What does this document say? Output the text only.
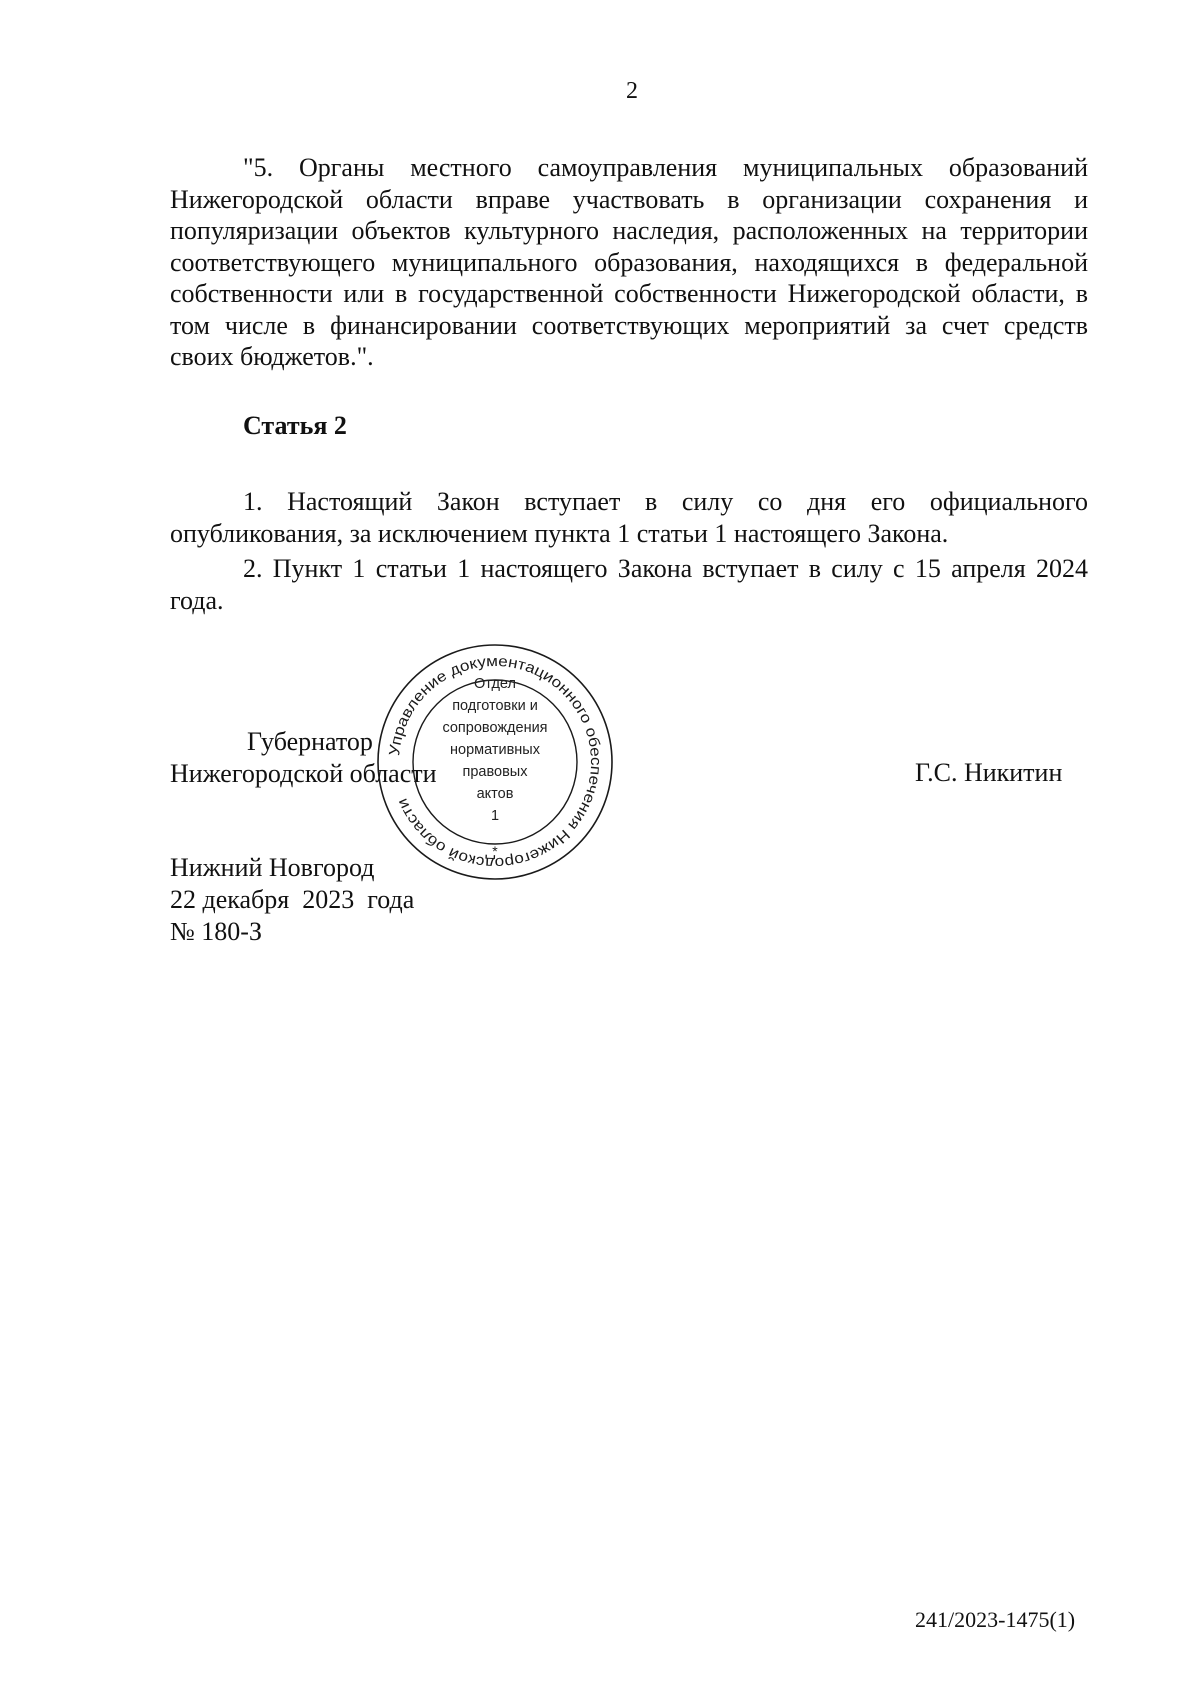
2
"5. Органы местного самоуправления муниципальных образований Нижегородской области вправе участвовать в организации сохранения и популяризации объектов культурного наследия, расположенных на территории соответствующего муниципального образования, находящихся в федеральной собственности или в государственной собственности Нижегородской области, в том числе в финансировании соответствующих мероприятий за счет средств своих бюджетов.".
Статья 2
1. Настоящий Закон вступает в силу со дня его официального опубликования, за исключением пункта 1 статьи 1 настоящего Закона.
2. Пункт 1 статьи 1 настоящего Закона вступает в силу с 15 апреля 2024 года.
Губернатор
Нижегородской области	Г.С. Никитин
Управление документационного обеспечения Нижегородской области
*
Отдел
подготовки и
сопровождения
нормативных
правовых
актов
1
Нижний Новгород
22 декабря  2023  года
№ 180-З
241/2023-1475(1)
